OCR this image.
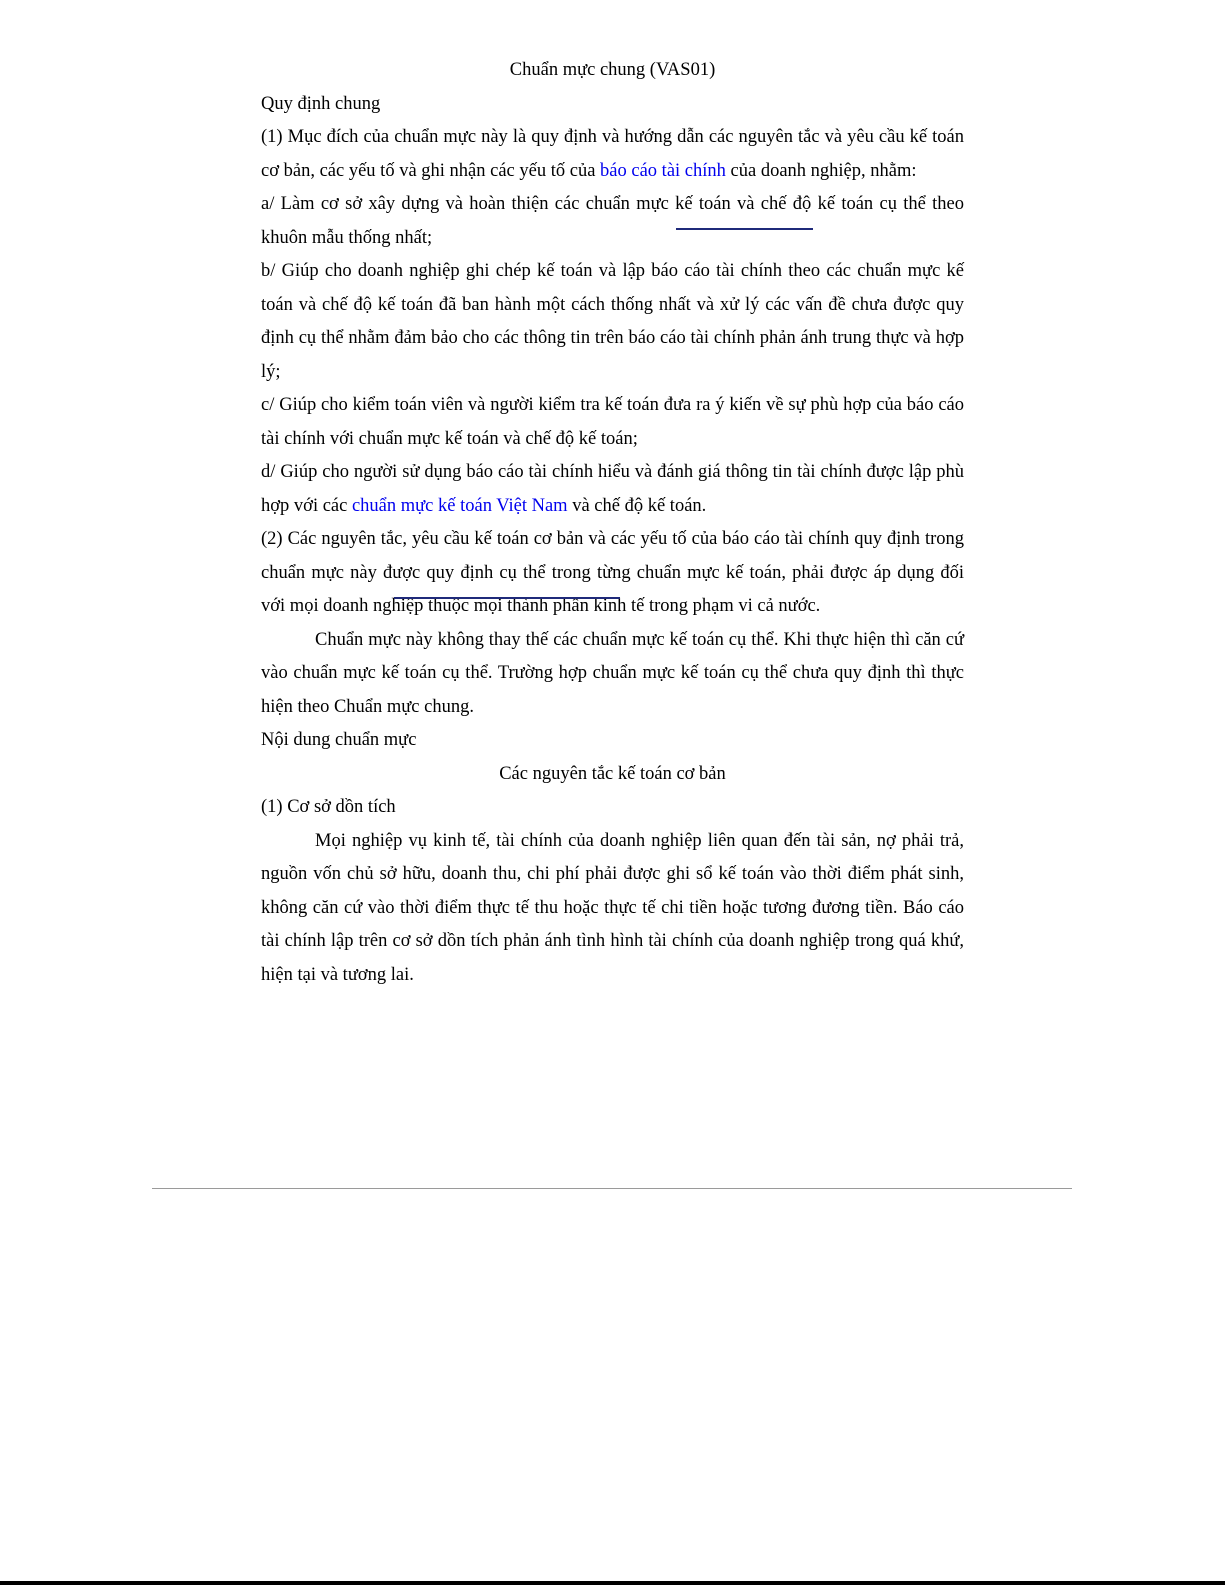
Chuẩn mực chung (VAS01)

Quy định chung

(1) Mục đích của chuẩn mực này là quy định và hướng dẫn các nguyên tắc và yêu cầu kế toán cơ bản, các yếu tố và ghi nhận các yếu tố của báo cáo tài chính của doanh nghiệp, nhằm:

a/ Làm cơ sở xây dựng và hoàn thiện các chuẩn mực kế toán và chế độ kế toán cụ thể theo khuôn mẫu thống nhất;

b/ Giúp cho doanh nghiệp ghi chép kế toán và lập báo cáo tài chính theo các chuẩn mực kế toán và chế độ kế toán đã ban hành một cách thống nhất và xử lý các vấn đề chưa được quy định cụ thể nhằm đảm bảo cho các thông tin trên báo cáo tài chính phản ánh trung thực và hợp lý;

c/ Giúp cho kiểm toán viên và người kiểm tra kế toán đưa ra ý kiến về sự phù hợp của báo cáo tài chính với chuẩn mực kế toán và chế độ kế toán;

d/ Giúp cho người sử dụng báo cáo tài chính hiểu và đánh giá thông tin tài chính được lập phù hợp với các chuẩn mực kế toán Việt Nam và chế độ kế toán.

(2) Các nguyên tắc, yêu cầu kế toán cơ bản và các yếu tố của báo cáo tài chính quy định trong chuẩn mực này được quy định cụ thể trong từng chuẩn mực kế toán, phải được áp dụng đối với mọi doanh nghiệp thuộc mọi thành phần kinh tế trong phạm vi cả nước.

Chuẩn mực này không thay thế các chuẩn mực kế toán cụ thể. Khi thực hiện thì căn cứ vào chuẩn mực kế toán cụ thể. Trường hợp chuẩn mực kế toán cụ thể chưa quy định thì thực hiện theo Chuẩn mực chung.

Nội dung chuẩn mực

Các nguyên tắc kế toán cơ bản

(1) Cơ sở dồn tích

Mọi nghiệp vụ kinh tế, tài chính của doanh nghiệp liên quan đến tài sản, nợ phải trả, nguồn vốn chủ sở hữu, doanh thu, chi phí phải được ghi sổ kế toán vào thời điểm phát sinh, không căn cứ vào thời điểm thực tế thu hoặc thực tế chi tiền hoặc tương đương tiền. Báo cáo tài chính lập trên cơ sở dồn tích phản ánh tình hình tài chính của doanh nghiệp trong quá khứ, hiện tại và tương lai.
